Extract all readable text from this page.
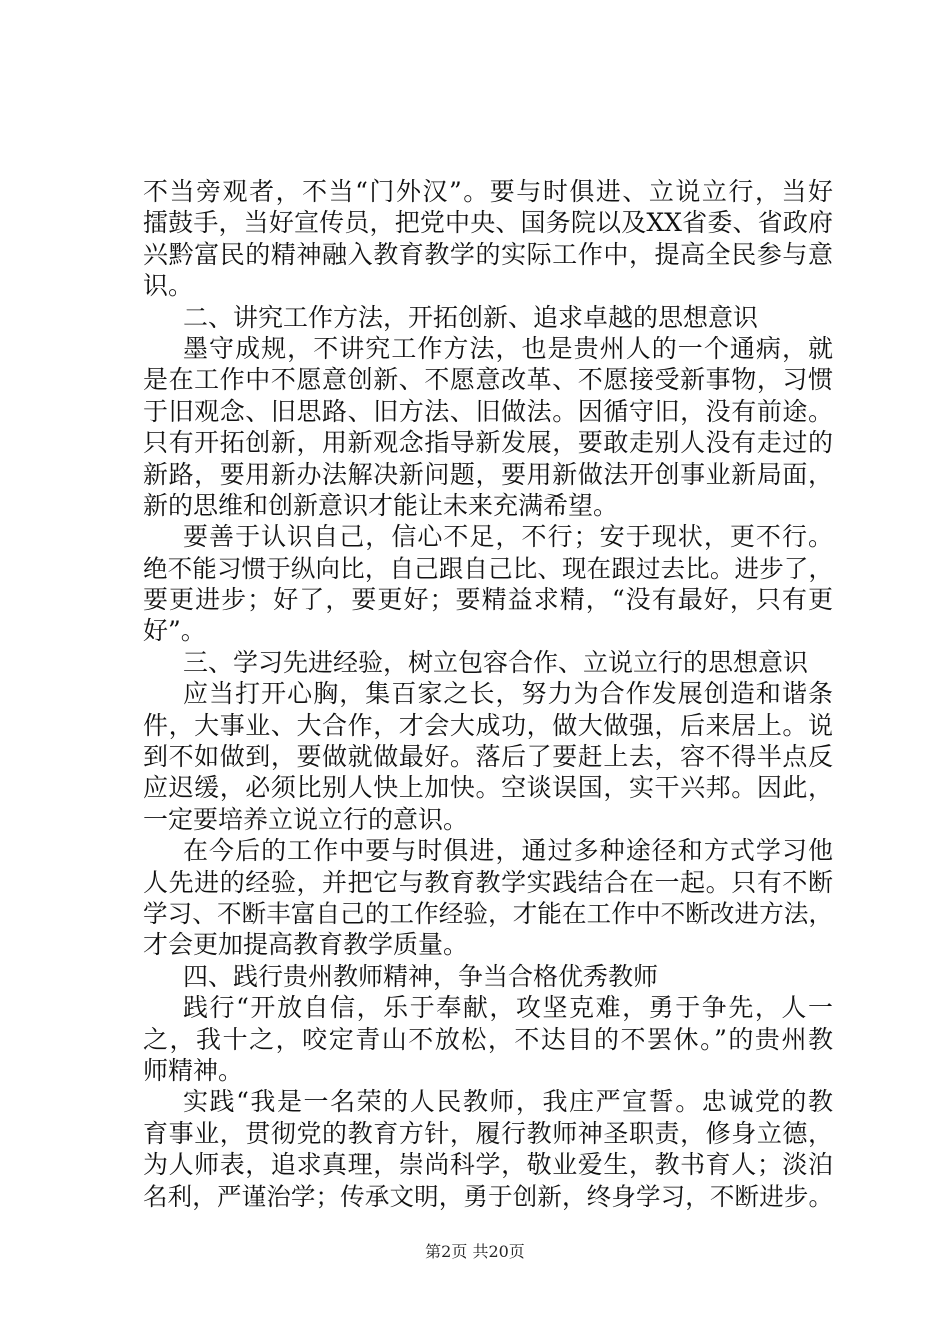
不当旁观者，不当“门外汉”。要与时俱进、立说立行，当好
擂鼓手，当好宣传员，把党中央、国务院以及XX省委、省政府
兴黔富民的精神融入教育教学的实际工作中，提高全民参与意
识。
二、讲究工作方法，开拓创新、追求卓越的思想意识
墨守成规，不讲究工作方法，也是贵州人的一个通病，就
是在工作中不愿意创新、不愿意改革、不愿接受新事物，习惯
于旧观念、旧思路、旧方法、旧做法。因循守旧，没有前途。
只有开拓创新，用新观念指导新发展，要敢走别人没有走过的
新路，要用新办法解决新问题，要用新做法开创事业新局面，
新的思维和创新意识才能让未来充满希望。
要善于认识自己，信心不足，不行；安于现状，更不行。
绝不能习惯于纵向比，自己跟自己比、现在跟过去比。进步了，
要更进步；好了，要更好；要精益求精，“没有最好，只有更
好”。
三、学习先进经验，树立包容合作、立说立行的思想意识
应当打开心胸，集百家之长，努力为合作发展创造和谐条
件，大事业、大合作，才会大成功，做大做强，后来居上。说
到不如做到，要做就做最好。落后了要赶上去，容不得半点反
应迟缓，必须比别人快上加快。空谈误国，实干兴邦。因此，
一定要培养立说立行的意识。
在今后的工作中要与时俱进，通过多种途径和方式学习他
人先进的经验，并把它与教育教学实践结合在一起。只有不断
学习、不断丰富自己的工作经验，才能在工作中不断改进方法，
才会更加提高教育教学质量。
四、践行贵州教师精神，争当合格优秀教师
践行“开放自信，乐于奉献，攻坚克难，勇于争先，人一
之，我十之，咬定青山不放松，不达目的不罢休。”的贵州教
师精神。
实践“我是一名荣的人民教师，我庄严宣誓。忠诚党的教
育事业，贯彻党的教育方针，履行教师神圣职责，修身立德，
为人师表，追求真理，崇尚科学，敬业爱生，教书育人；淡泊
名利，严谨治学；传承文明，勇于创新，终身学习，不断进步。
第2页 共20页
